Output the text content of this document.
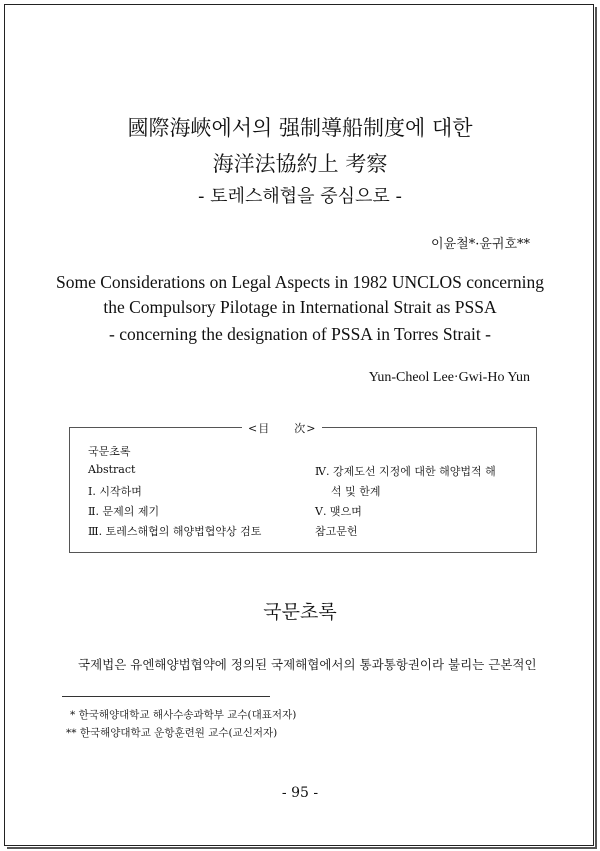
國際海峽에서의 强制導船制度에 대한
海洋法協約上 考察
- 토레스해협을 중심으로 -
이윤철*·윤귀호**
Some Considerations on Legal Aspects in 1982 UNCLOS concerning
the Compulsory Pilotage in International Strait as PSSA
- concerning the designation of PSSA in Torres Strait -
Yun-Cheol Lee·Gwi-Ho Yun
<目　　次>
국문초록
Abstract
Ⅰ. 시작하며
Ⅱ. 문제의 제기
Ⅲ. 토레스해협의 해양법협약상 검토
Ⅳ. 강제도선 지정에 대한 해양법적 해
석 및 한계
Ⅴ. 맺으며
참고문헌
국문초록
국제법은 유엔해양법협약에 정의된 국제해협에서의 통과통항권이라 불리는 근본적인
* 한국해양대학교 해사수송과학부 교수(대표저자)
** 한국해양대학교 운항훈련원 교수(교신저자)
- 95 -
